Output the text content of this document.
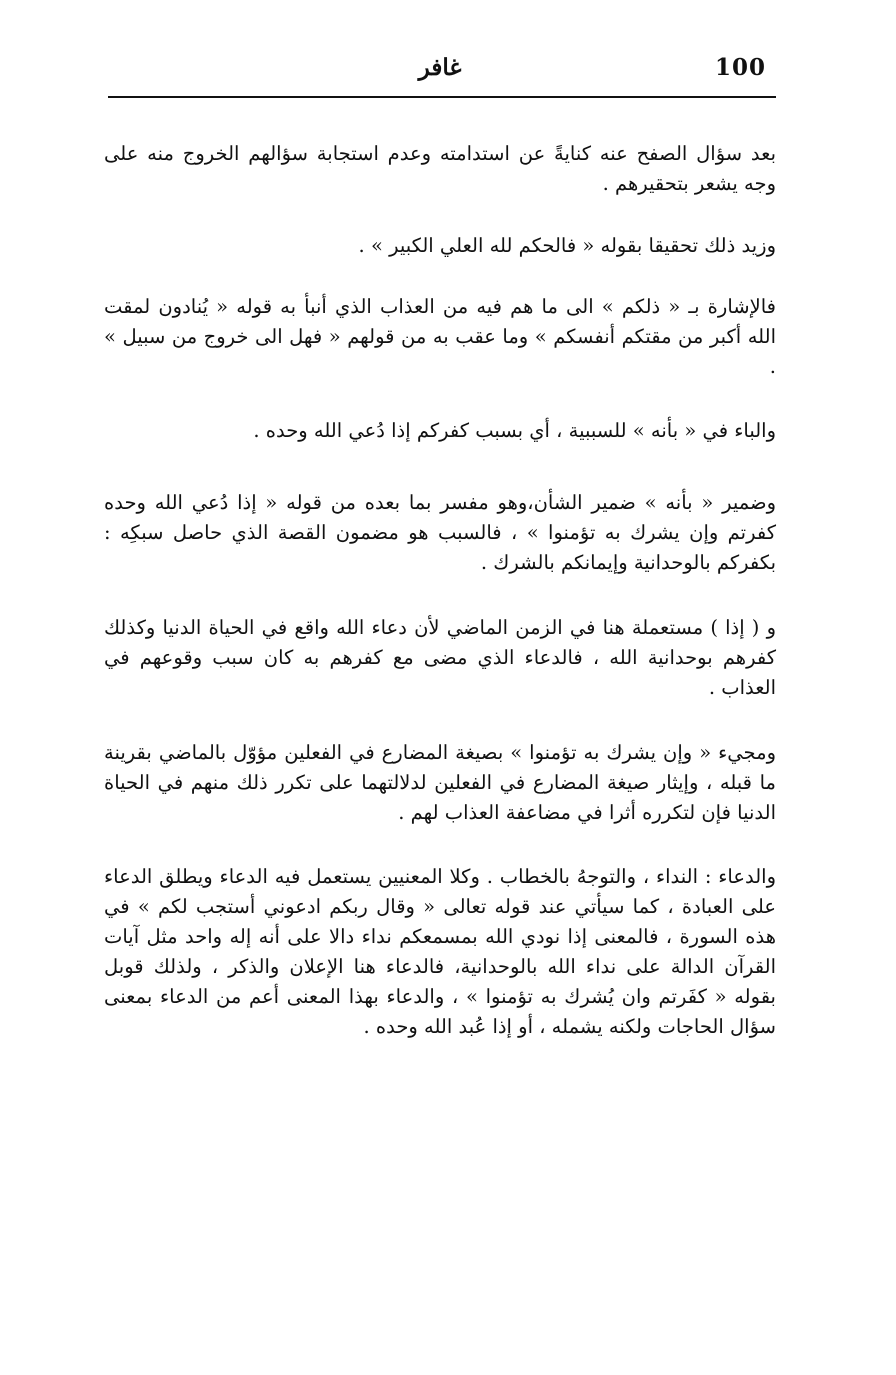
100
غافر

بعد سؤال الصفح عنه كنايةً عن استدامته وعدم استجابة سؤالهم الخروج منه على وجه يشعر بتحقيرهم .

وزيد ذلك تحقيقا بقوله « فالحكم لله العلي الكبير » .

فالإشارة بـ « ذلكم » الى ما هم فيه من العذاب الذي أنبأ به قوله « يُنادون لمقت الله أكبر من مقتكم أنفسكم » وما عقب به من قولهم « فهل الى خروج من سبيل » .

والباء في « بأنه » للسببية ، أي بسبب كفركم إذا دُعي الله وحده .

وضمير « بأنه » ضمير الشأن،وهو مفسر بما بعده من قوله « إذا دُعي الله وحده كفرتم وإن يشرك به تؤمنوا » ، فالسبب هو مضمون القصة الذي حاصل سبكِه : بكفركم بالوحدانية وإيمانكم بالشرك .

و ( إذا ) مستعملة هنا في الزمن الماضي لأن دعاء الله واقع في الحياة الدنيا وكذلك كفرهم بوحدانية الله ، فالدعاء الذي مضى مع كفرهم به كان سبب وقوعهم في العذاب .

ومجيء « وإن يشرك به تؤمنوا » بصيغة المضارع في الفعلين مؤوّل بالماضي بقرينة ما قبله ، وإيثار صيغة المضارع في الفعلين لدلالتهما على تكرر ذلك منهم في الحياة الدنيا فإن لتكرره أثرا في مضاعفة العذاب لهم .

والدعاء : النداء ، والتوجهُ بالخطاب . وكلا المعنيين يستعمل فيه الدعاء ويطلق الدعاء على العبادة ، كما سيأتي عند قوله تعالى « وقال ربكم ادعوني أستجب لكم » في هذه السورة ، فالمعنى إذا نودي الله بمسمعكم نداء دالا على أنه إله واحد مثل آيات القرآن الدالة على نداء الله بالوحدانية، فالدعاء هنا الإعلان والذكر ، ولذلك قوبل بقوله « كفَرتم وان يُشرك به تؤمنوا » ، والدعاء بهذا المعنى أعم من الدعاء بمعنى سؤال الحاجات ولكنه يشمله ، أو إذا عُبد الله وحده .
